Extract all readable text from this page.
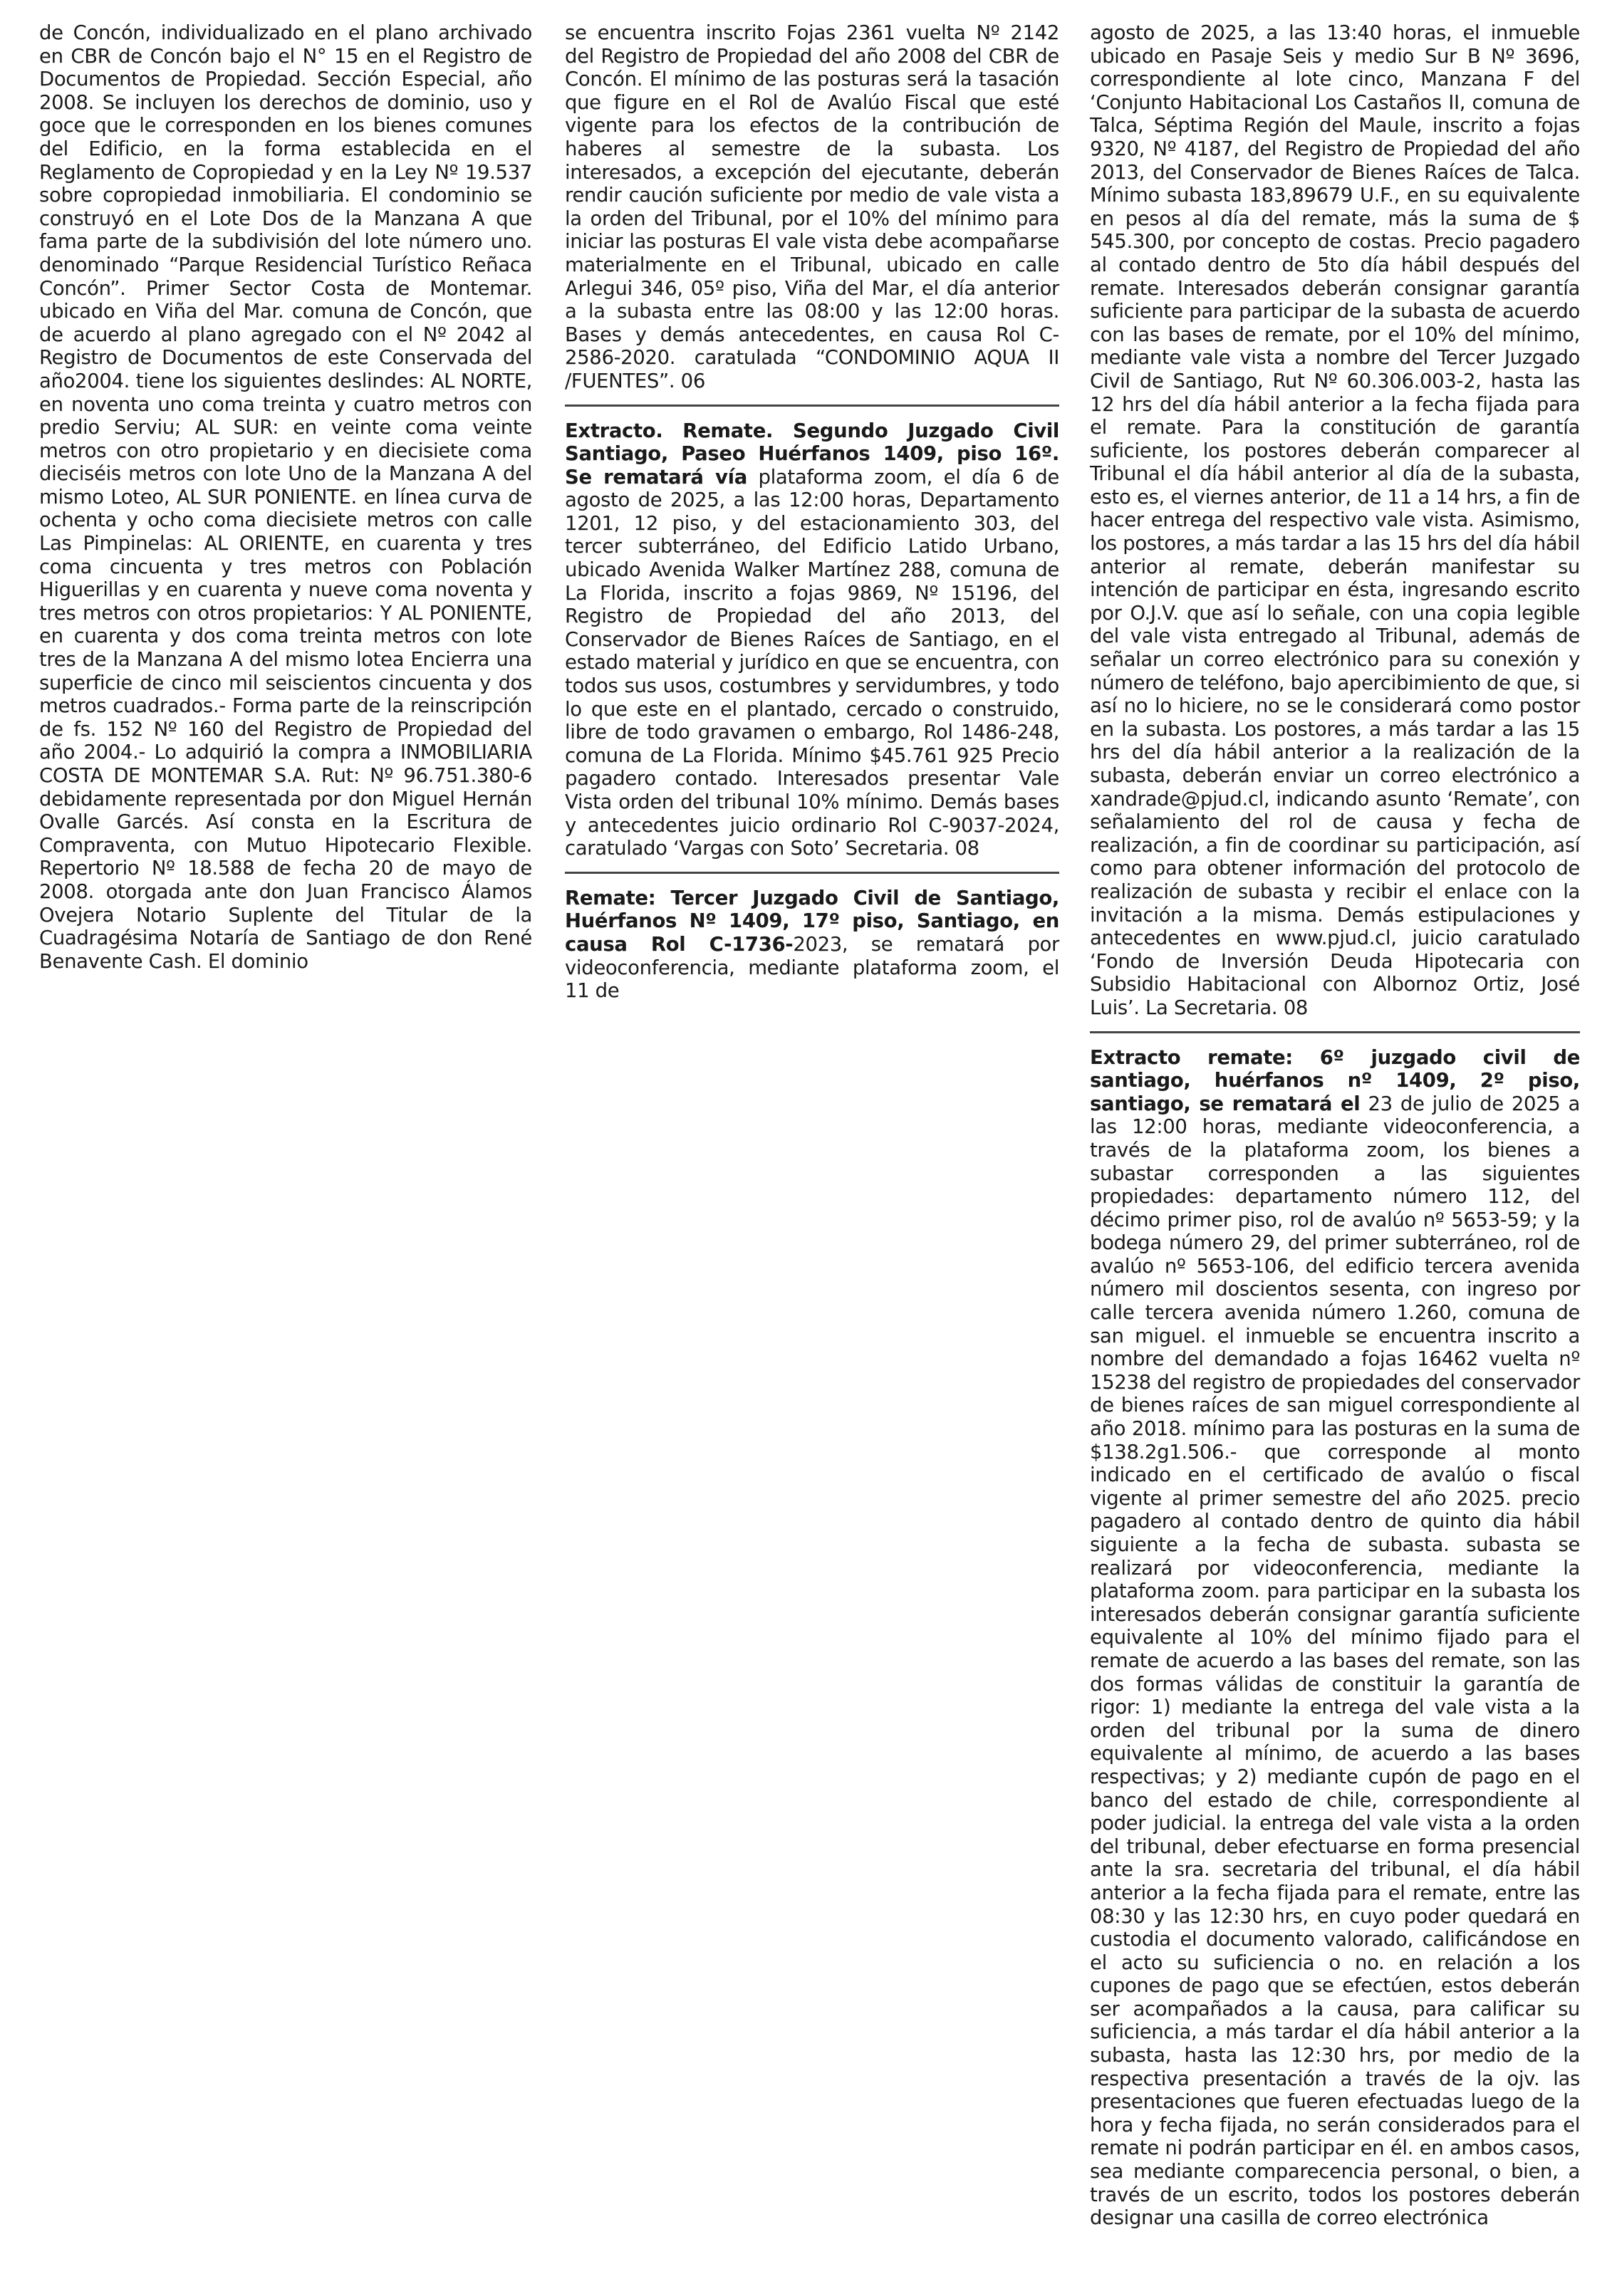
de Concón, individualizado en el plano archivado en CBR de Concón bajo el N° 15 en el Registro de Documentos de Propiedad. Sección Especial, año 2008. Se incluyen los derechos de dominio, uso y goce que le corresponden en los bienes comunes del Edificio, en la forma establecida en el Reglamento de Copropiedad y en la Ley Nº 19.537 sobre copropiedad inmobiliaria. El condominio se construyó en el Lote Dos de la Manzana A que fama parte de la subdivisión del lote número uno. denominado “Parque Residencial Turístico Reñaca Concón”. Primer Sector Costa de Montemar. ubicado en Viña del Mar. comuna de Concón, que de acuerdo al plano agregado con el Nº 2042 al Registro de Documentos de este Conservada del año2004. tiene los siguientes deslindes: AL NORTE, en noventa uno coma treinta y cuatro metros con predio Serviu; AL SUR: en veinte coma veinte metros con otro propietario y en diecisiete coma dieciséis metros con lote Uno de la Manzana A del mismo Loteo, AL SUR PONIENTE. en línea curva de ochenta y ocho coma diecisiete metros con calle Las Pimpinelas: AL ORIENTE, en cuarenta y tres coma cincuenta y tres metros con Población Higuerillas y en cuarenta y nueve coma noventa y tres metros con otros propietarios: Y AL PONIENTE, en cuarenta y dos coma treinta metros con lote tres de la Manzana A del mismo lotea Encierra una superficie de cinco mil seiscientos cincuenta y dos metros cuadrados.- Forma parte de la reinscripción de fs. 152 Nº 160 del Registro de Propiedad del año 2004.- Lo adquirió la compra a INMOBILIARIA COSTA DE MONTEMAR S.A. Rut: Nº 96.751.380-6 debidamente representada por don Miguel Hernán Ovalle Garcés. Así consta en la Escritura de Compraventa, con Mutuo Hipotecario Flexible. Repertorio Nº 18.588 de fecha 20 de mayo de 2008. otorgada ante don Juan Francisco Álamos Ovejera Notario Suplente del Titular de la Cuadragésima Notaría de Santiago de don René Benavente Cash. El dominio

se encuentra inscrito Fojas 2361 vuelta Nº 2142 del Registro de Propiedad del año 2008 del CBR de Concón. El mínimo de las posturas será la tasación que figure en el Rol de Avalúo Fiscal que esté vigente para los efectos de la contribución de haberes al semestre de la subasta. Los interesados, a excepción del ejecutante, deberán rendir caución suficiente por medio de vale vista a la orden del Tribunal, por el 10% del mínimo para iniciar las posturas El vale vista debe acompañarse materialmente en el Tribunal, ubicado en calle Arlegui 346, 05º piso, Viña del Mar, el día anterior a la subasta entre las 08:00 y las 12:00 horas. Bases y demás antecedentes, en causa Rol C-2586-2020. caratulada “CONDOMINIO AQUA II /FUENTES”. 06

Extracto. Remate. Segundo Juzgado Civil Santiago, Paseo Huérfanos 1409, piso 16º. Se rematará vía plataforma zoom, el día 6 de agosto de 2025, a las 12:00 horas, Departamento 1201, 12 piso, y del estacionamiento 303, del tercer subterráneo, del Edificio Latido Urbano, ubicado Avenida Walker Martínez 288, comuna de La Florida, inscrito a fojas 9869, Nº 15196, del Registro de Propiedad del año 2013, del Conservador de Bienes Raíces de Santiago, en el estado material y jurídico en que se encuentra, con todos sus usos, costumbres y servidumbres, y todo lo que este en el plantado, cercado o construido, libre de todo gravamen o embargo, Rol 1486-248, comuna de La Florida. Mínimo $45.761 925 Precio pagadero contado. Interesados presentar Vale Vista orden del tribunal 10% mínimo. Demás bases y antecedentes juicio ordinario Rol C-9037-2024, caratulado ‘Vargas con Soto’ Secretaria. 08

Remate: Tercer Juzgado Civil de Santiago, Huérfanos Nº 1409, 17º piso, Santiago, en causa Rol C-1736-2023, se rematará por videoconferencia, mediante plataforma zoom, el 11 de

agosto de 2025, a las 13:40 horas, el inmueble ubicado en Pasaje Seis y medio Sur B Nº 3696, correspondiente al lote cinco, Manzana F del ‘Conjunto Habitacional Los Castaños II, comuna de Talca, Séptima Región del Maule, inscrito a fojas 9320, Nº 4187, del Registro de Propiedad del año 2013, del Conservador de Bienes Raíces de Talca. Mínimo subasta 183,89679 U.F., en su equivalente en pesos al día del remate, más la suma de $ 545.300, por concepto de costas. Precio pagadero al contado dentro de 5to día hábil después del remate. Interesados deberán consignar garantía suficiente para participar de la subasta de acuerdo con las bases de remate, por el 10% del mínimo, mediante vale vista a nombre del Tercer Juzgado Civil de Santiago, Rut Nº 60.306.003-2, hasta las 12 hrs del día hábil anterior a la fecha fijada para el remate. Para la constitución de garantía suficiente, los postores deberán comparecer al Tribunal el día hábil anterior al día de la subasta, esto es, el viernes anterior, de 11 a 14 hrs, a fin de hacer entrega del respectivo vale vista. Asimismo, los postores, a más tardar a las 15 hrs del día hábil anterior al remate, deberán manifestar su intención de participar en ésta, ingresando escrito por O.J.V. que así lo señale, con una copia legible del vale vista entregado al Tribunal, además de señalar un correo electrónico para su conexión y número de teléfono, bajo apercibimiento de que, si así no lo hiciere, no se le considerará como postor en la subasta. Los postores, a más tardar a las 15 hrs del día hábil anterior a la realización de la subasta, deberán enviar un correo electrónico a xandrade@pjud.cl, indicando asunto ‘Remate’, con señalamiento del rol de causa y fecha de realización, a fin de coordinar su participación, así como para obtener información del protocolo de realización de subasta y recibir el enlace con la invitación a la misma. Demás estipulaciones y antecedentes en www.pjud.cl, juicio caratulado ‘Fondo de Inversión Deuda Hipotecaria con Subsidio Habitacional con Albornoz Ortiz, José Luis’. La Secretaria. 08

Extracto remate: 6º juzgado civil de santiago, huérfanos nº 1409, 2º piso, santiago, se rematará el 23 de julio de 2025 a las 12:00 horas, mediante videoconferencia, a través de la plataforma zoom, los bienes a subastar corresponden a las siguientes propiedades: departamento número 112, del décimo primer piso, rol de avalúo nº 5653-59; y la bodega número 29, del primer subterráneo, rol de avalúo nº 5653-106, del edificio tercera avenida número mil doscientos sesenta, con ingreso por calle tercera avenida número 1.260, comuna de san miguel. el inmueble se encuentra inscrito a nombre del demandado a fojas 16462 vuelta nº 15238 del registro de propiedades del conservador de bienes raíces de san miguel correspondiente al año 2018. mínimo para las posturas en la suma de $138.2g1.506.- que corresponde al monto indicado en el certificado de avalúo o fiscal vigente al primer semestre del año 2025. precio pagadero al contado dentro de quinto dia hábil siguiente a la fecha de subasta. subasta se realizará por videoconferencia, mediante la plataforma zoom. para participar en la subasta los interesados deberán consignar garantía suficiente equivalente al 10% del mínimo fijado para el remate de acuerdo a las bases del remate, son las dos formas válidas de constituir la garantía de rigor: 1) mediante la entrega del vale vista a la orden del tribunal por la suma de dinero equivalente al mínimo, de acuerdo a las bases respectivas; y 2) mediante cupón de pago en el banco del estado de chile, correspondiente al poder judicial. la entrega del vale vista a la orden del tribunal, deber efectuarse en forma presencial ante la sra. secretaria del tribunal, el día hábil anterior a la fecha fijada para el remate, entre las 08:30 y las 12:30 hrs, en cuyo poder quedará en custodia el documento valorado, calificándose en el acto su suficiencia o no. en relación a los cupones de pago que se efectúen, estos deberán ser acompañados a la causa, para calificar su suficiencia, a más tardar el día hábil anterior a la subasta, hasta las 12:30 hrs, por medio de la respectiva presentación a través de la ojv. las presentaciones que fueren efectuadas luego de la hora y fecha fijada, no serán considerados para el remate ni podrán participar en él. en ambos casos, sea mediante comparecencia personal, o bien, a través de un escrito, todos los postores deberán designar una casilla de correo electrónica
